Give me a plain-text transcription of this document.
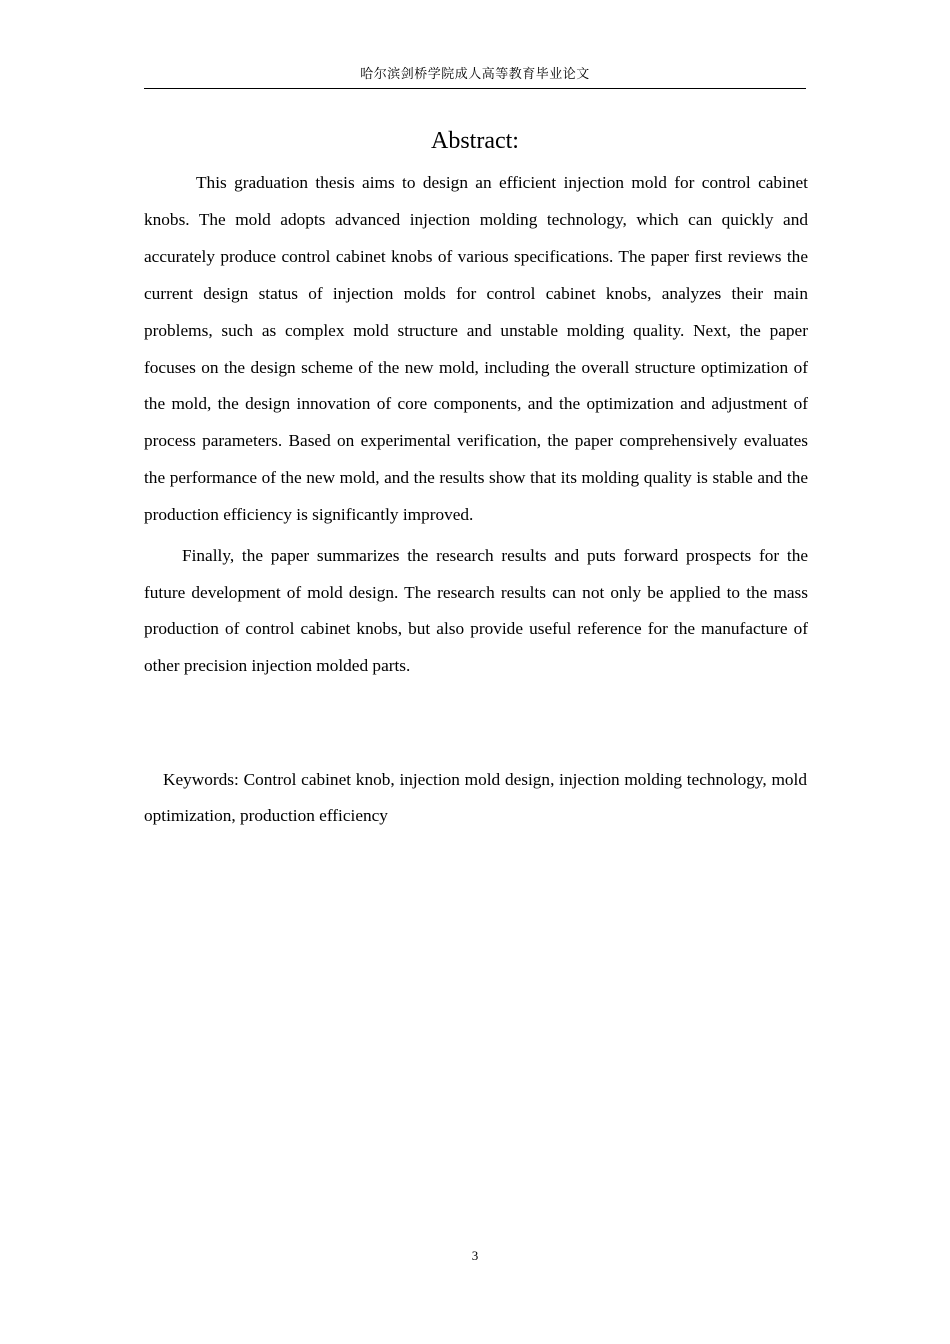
哈尔滨剑桥学院成人高等教育毕业论文
Abstract:

This graduation thesis aims to design an efficient injection mold for control cabinet knobs. The mold adopts advanced injection molding technology, which can quickly and accurately produce control cabinet knobs of various specifications. The paper first reviews the current design status of injection molds for control cabinet knobs, analyzes their main problems, such as complex mold structure and unstable molding quality. Next, the paper focuses on the design scheme of the new mold, including the overall structure optimization of the mold, the design innovation of core components, and the optimization and adjustment of process parameters. Based on experimental verification, the paper comprehensively evaluates the performance of the new mold, and the results show that its molding quality is stable and the production efficiency is significantly improved.

Finally, the paper summarizes the research results and puts forward prospects for the future development of mold design. The research results can not only be applied to the mass production of control cabinet knobs, but also provide useful reference for the manufacture of other precision injection molded parts.

Keywords: Control cabinet knob, injection mold design, injection molding technology, mold optimization, production efficiency

3
